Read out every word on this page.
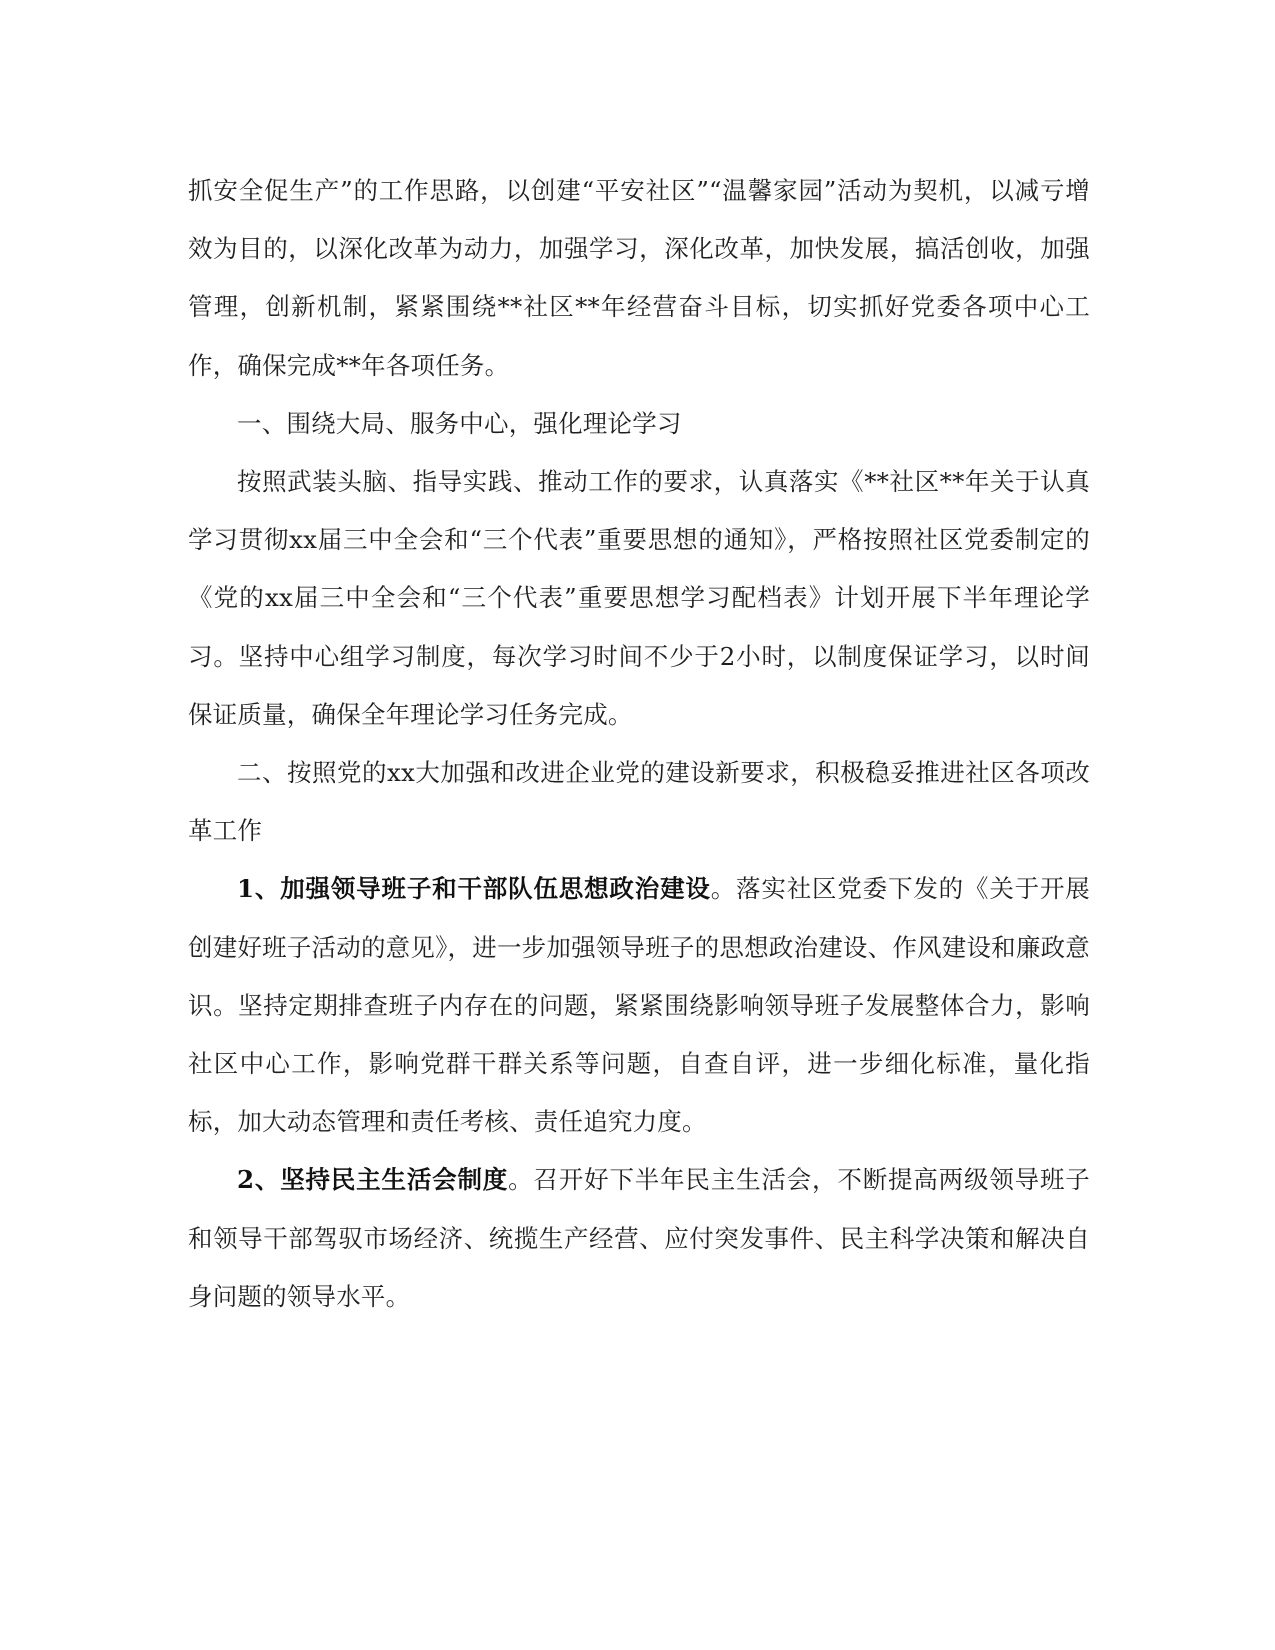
抓安全促生产”的工作思路，以创建“平安社区”“温馨家园”活动为契机，以减亏增效为目的，以深化改革为动力，加强学习，深化改革，加快发展，搞活创收，加强管理，创新机制，紧紧围绕**社区**年经营奋斗目标，切实抓好党委各项中心工作，确保完成**年各项任务。

一、围绕大局、服务中心，强化理论学习

按照武装头脑、指导实践、推动工作的要求，认真落实《**社区**年关于认真学习贯彻xx届三中全会和“三个代表”重要思想的通知》，严格按照社区党委制定的《党的xx届三中全会和“三个代表”重要思想学习配档表》计划开展下半年理论学习。坚持中心组学习制度，每次学习时间不少于2小时，以制度保证学习，以时间保证质量，确保全年理论学习任务完成。

二、按照党的xx大加强和改进企业党的建设新要求，积极稳妥推进社区各项改革工作

1、加强领导班子和干部队伍思想政治建设。落实社区党委下发的《关于开展创建好班子活动的意见》，进一步加强领导班子的思想政治建设、作风建设和廉政意识。坚持定期排查班子内存在的问题，紧紧围绕影响领导班子发展整体合力，影响社区中心工作，影响党群干群关系等问题，自查自评，进一步细化标准，量化指标，加大动态管理和责任考核、责任追究力度。

2、坚持民主生活会制度。召开好下半年民主生活会，不断提高两级领导班子和领导干部驾驭市场经济、统揽生产经营、应付突发事件、民主科学决策和解决自身问题的领导水平。
